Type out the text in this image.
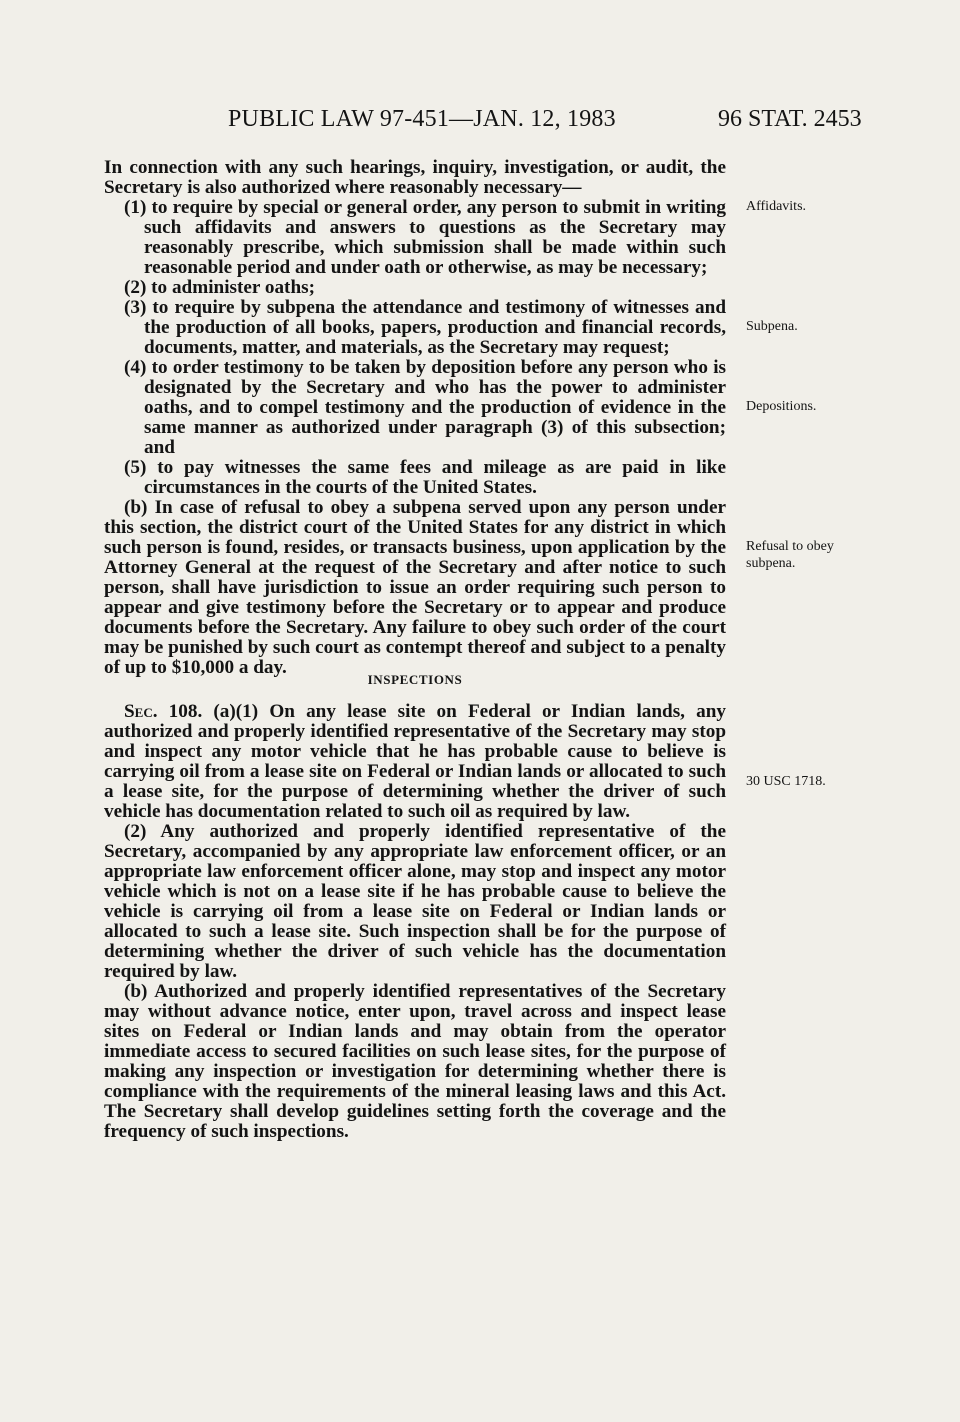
PUBLIC LAW 97-451—JAN. 12, 1983	96 STAT. 2453

In connection with any such hearings, inquiry, investigation, or audit, the Secretary is also authorized where reasonably necessary—

(1) to require by special or general order, any person to submit in writing such affidavits and answers to questions as the Secretary may reasonably prescribe, which submission shall be made within such reasonable period and under oath or otherwise, as may be necessary;

(2) to administer oaths;

(3) to require by subpena the attendance and testimony of witnesses and the production of all books, papers, production and financial records, documents, matter, and materials, as the Secretary may request;

(4) to order testimony to be taken by deposition before any person who is designated by the Secretary and who has the power to administer oaths, and to compel testimony and the production of evidence in the same manner as authorized under paragraph (3) of this subsection; and

(5) to pay witnesses the same fees and mileage as are paid in like circumstances in the courts of the United States.

(b) In case of refusal to obey a subpena served upon any person under this section, the district court of the United States for any district in which such person is found, resides, or transacts business, upon application by the Attorney General at the request of the Secretary and after notice to such person, shall have jurisdiction to issue an order requiring such person to appear and give testimony before the Secretary or to appear and produce documents before the Secretary. Any failure to obey such order of the court may be punished by such court as contempt thereof and subject to a penalty of up to $10,000 a day.

INSPECTIONS

Sec. 108. (a)(1) On any lease site on Federal or Indian lands, any authorized and properly identified representative of the Secretary may stop and inspect any motor vehicle that he has probable cause to believe is carrying oil from a lease site on Federal or Indian lands or allocated to such a lease site, for the purpose of determining whether the driver of such vehicle has documentation related to such oil as required by law.

(2) Any authorized and properly identified representative of the Secretary, accompanied by any appropriate law enforcement officer, or an appropriate law enforcement officer alone, may stop and inspect any motor vehicle which is not on a lease site if he has probable cause to believe the vehicle is carrying oil from a lease site on Federal or Indian lands or allocated to such a lease site. Such inspection shall be for the purpose of determining whether the driver of such vehicle has the documentation required by law.

(b) Authorized and properly identified representatives of the Secretary may without advance notice, enter upon, travel across and inspect lease sites on Federal or Indian lands and may obtain from the operator immediate access to secured facilities on such lease sites, for the purpose of making any inspection or investigation for determining whether there is compliance with the requirements of the mineral leasing laws and this Act. The Secretary shall develop guidelines setting forth the coverage and the frequency of such inspections.

Affidavits.
Subpena.
Depositions.
Refusal to obey subpena.
30 USC 1718.
